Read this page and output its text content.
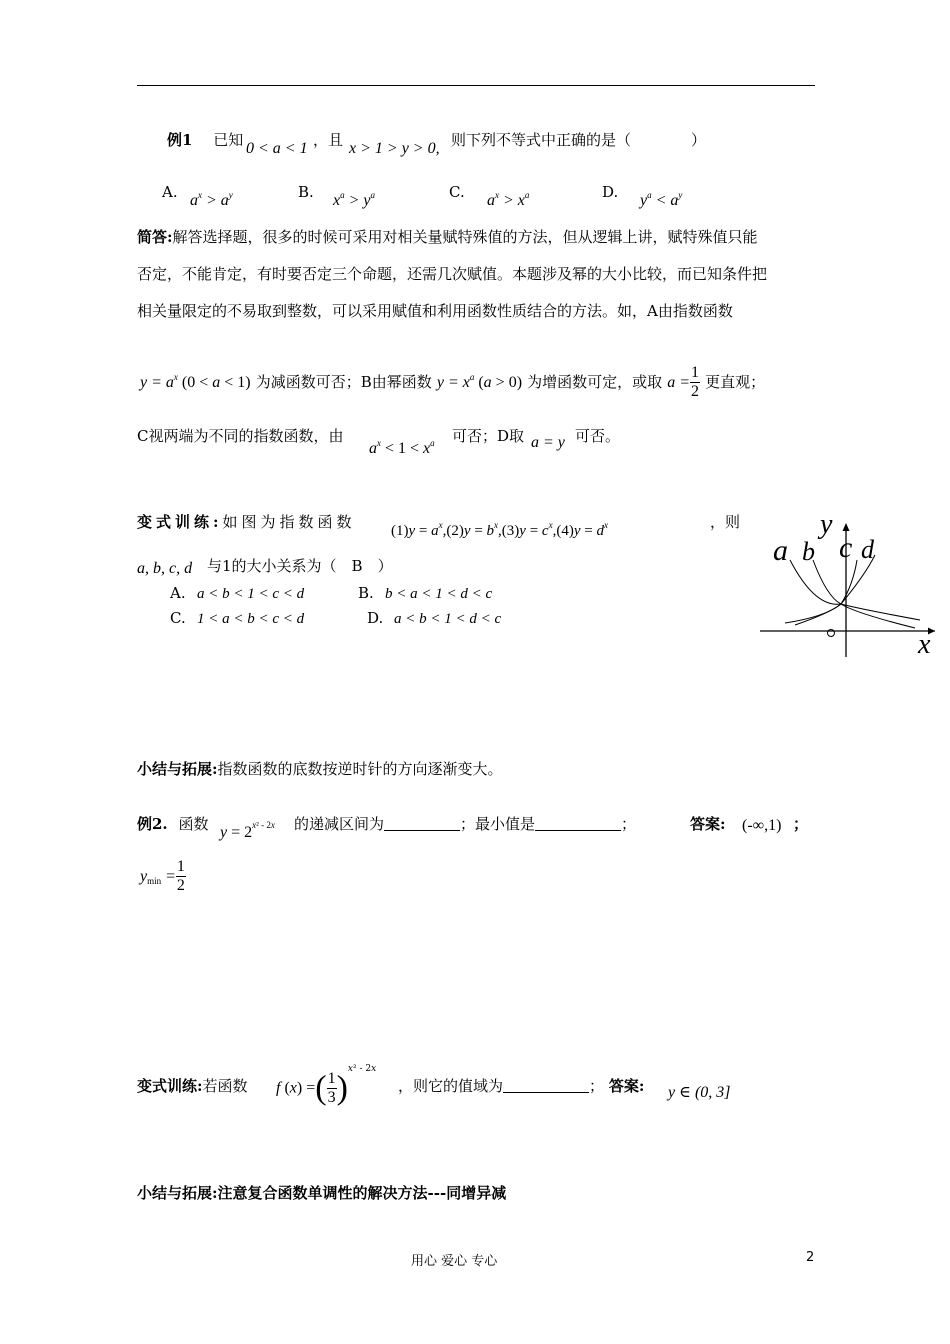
例1 已知 0 < a < 1 ，且 x > 1 > y > 0, 则下列不等式中正确的是（　　　　）
A. $a^x > a^y$	B. $x^a > y^a$	C. $a^x > x^a$	D. $y^a < a^y$
简答:解答选择题，很多的时候可采用对相关量赋特殊值的方法，但从逻辑上讲，赋特殊值只能
否定，不能肯定，有时要否定三个命题，还需几次赋值。本题涉及幂的大小比较，而已知条件把
相关量限定的不易取到整数，可以采用赋值和利用函数性质结合的方法。如，A由指数函数
$y = a^x$ (0 < a < 1) 为减函数可否；B由幂函数 $y = x^a$ (a > 0) 为增函数可定，或取 $a = \frac{1}{2}$ 更直观；
C视两端为不同的指数函数，由
$a^x < 1 < x^a$ 可否；D取 a = y 可否。
变式训练:如图为指数函数 $(1)y = a^x,(2)y = b^x,(3)y = c^x,(4)y = d^x$	，则
a, b, c, d 与1的大小关系为（　B　）
A. a < b < 1 < c < d	B. b < a < 1 < d < c
C. 1 < a < b < c < d	D. a < b < 1 < d < c
y
x
a b c d
小结与拓展:指数函数的底数按逆时针的方向逐渐变大。
例2. 函数 $y = 2^{x^2 - 2x}$ 的递减区间为	；最小值是	；	答案: (-∞,1) ；
$y_{min} = \frac{1}{2}$
变式训练:若函数 f (x) =( $\frac{1}{3} )^{x^2 - 2x}$
，则它的值域为	； 答案: y ∈ (0, 3]
小结与拓展:注意复合函数单调性的解决方法---同增异减
用心 爱心 专心	2
